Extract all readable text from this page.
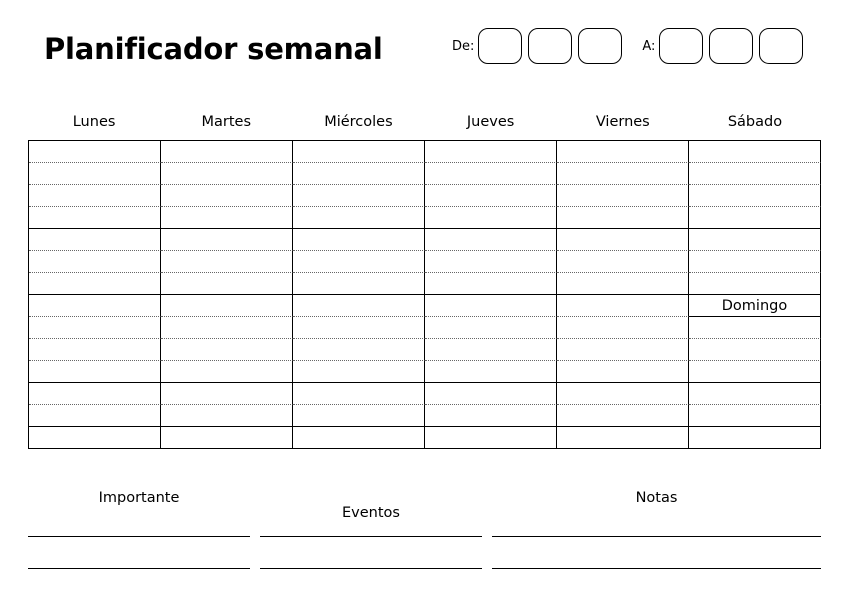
Planificador semanal	De:	A:
Lunes	Martes	Miércoles	Jueves	Viernes	Sábado
Domingo
Importante
Eventos
Notas
